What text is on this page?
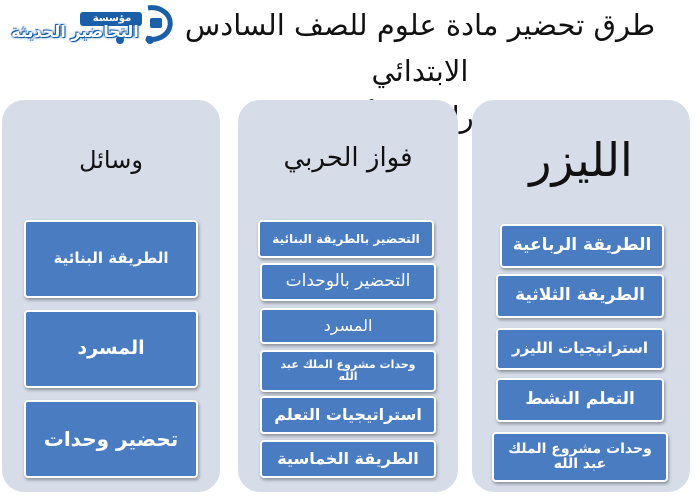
طرق تحضير مادة علوم للصف السادس الابتدائي
مؤسسة
التحاضير الحديثة
الليزر
الطريقة الرباعية
الطريقة الثلاثية
استراتيجيات الليزر
التعلم النشط
وحدات مشروع الملك عبد الله
فواز الحربي
التحضير بالطريقة البنائية
التحضير بالوحدات
المسرد
وحدات مشروع الملك عبد الله
استراتيجيات التعلم
الطريقة الخماسية
وسائل
الطريقة البنائية
المسرد
تحضير وحدات
